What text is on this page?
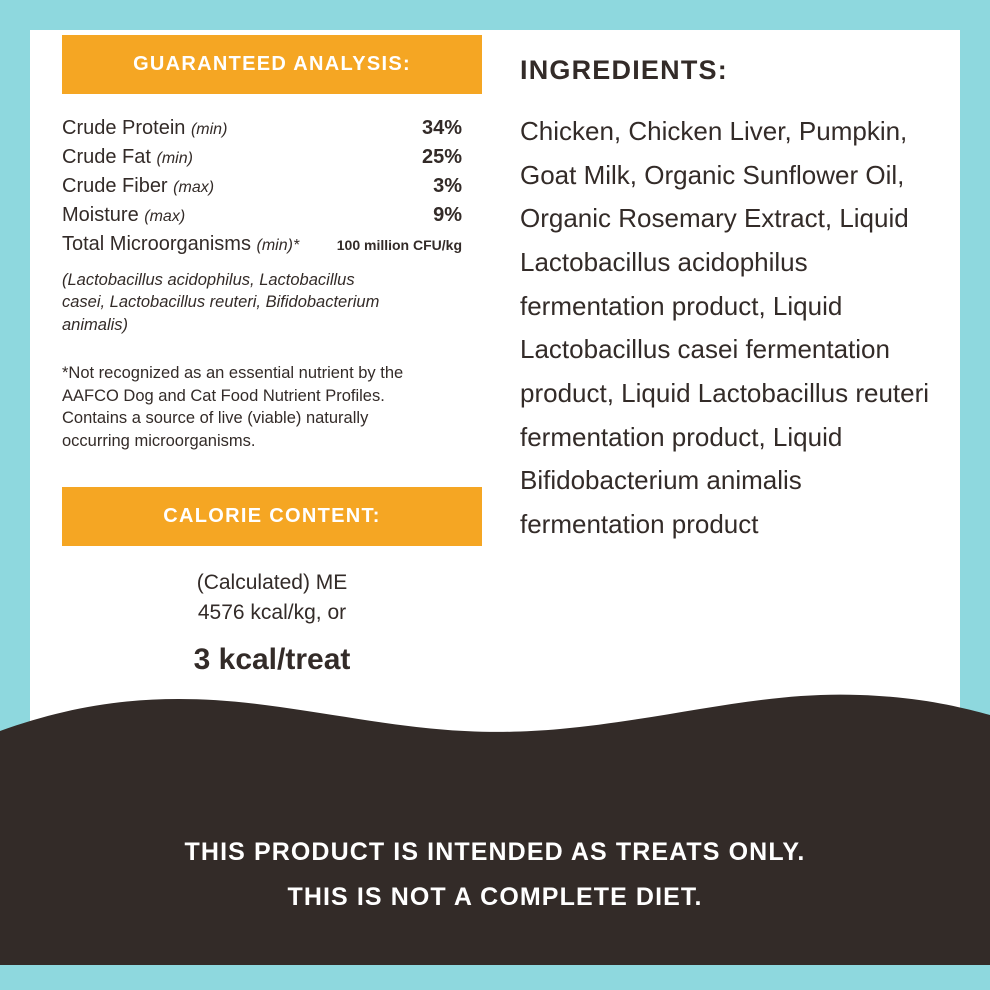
GUARANTEED ANALYSIS:
Crude Protein (min)	34%
Crude Fat (min)	25%
Crude Fiber (max)	3%
Moisture (max)	9%
Total Microorganisms (min)*	100 million CFU/kg
(Lactobacillus acidophilus, Lactobacillus casei, Lactobacillus reuteri, Bifidobacterium animalis)
*Not recognized as an essential nutrient by the AAFCO Dog and Cat Food Nutrient Profiles. Contains a source of live (viable) naturally occurring microorganisms.
CALORIE CONTENT:
(Calculated) ME
4576 kcal/kg, or
3 kcal/treat
INGREDIENTS:
Chicken, Chicken Liver, Pumpkin, Goat Milk, Organic Sunflower Oil, Organic Rosemary Extract, Liquid Lactobacillus acidophilus fermentation product, Liquid Lactobacillus casei fermentation product, Liquid Lactobacillus reuteri fermentation product, Liquid Bifidobacterium animalis fermentation product
THIS PRODUCT IS INTENDED AS TREATS ONLY.
THIS IS NOT A COMPLETE DIET.
